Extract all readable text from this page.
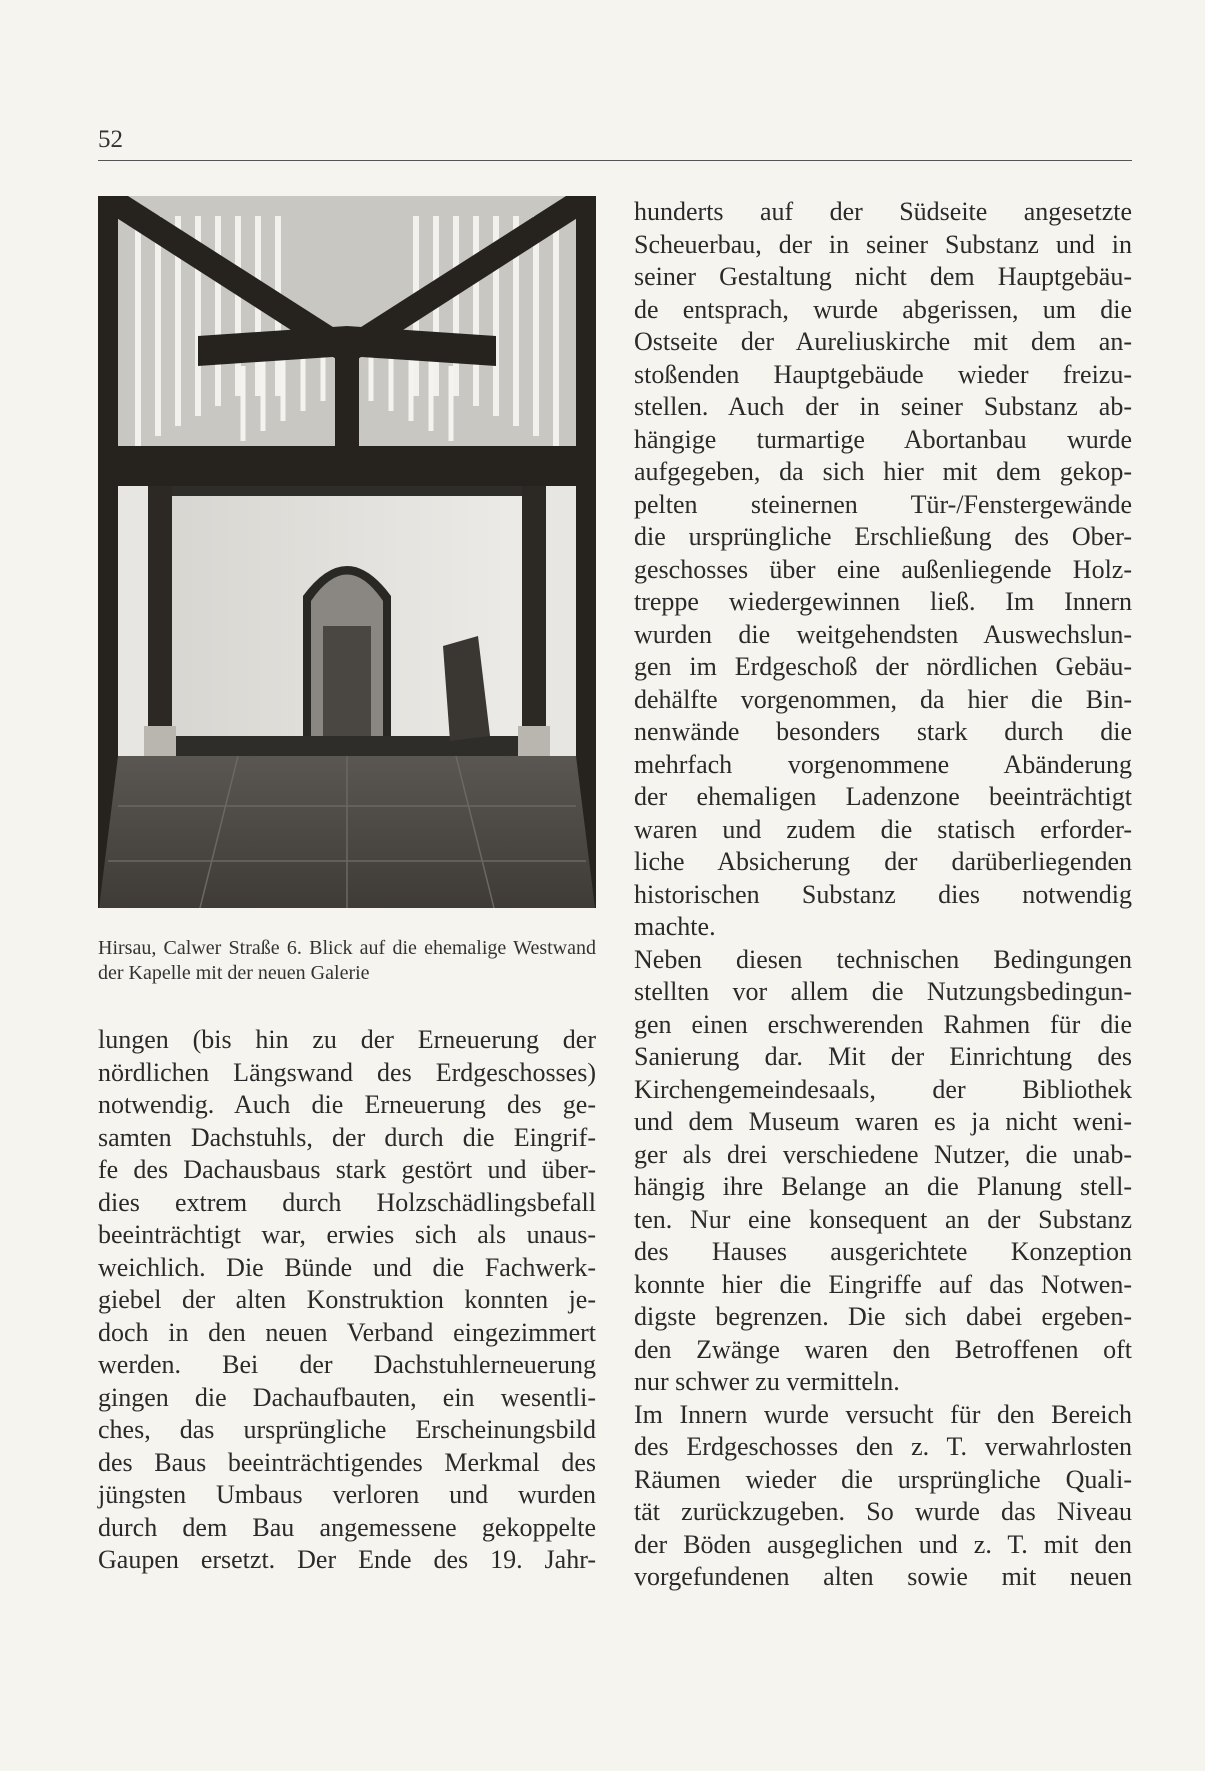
52
Hirsau, Calwer Straße 6. Blick auf die ehemalige Westwand der Kapelle mit der neuen Galerie

lungen (bis hin zu der Erneuerung der
nördlichen Längswand des Erdgeschosses)
notwendig. Auch die Erneuerung des ge-
samten Dachstuhls, der durch die Eingrif-
fe des Dachausbaus stark gestört und über-
dies extrem durch Holzschädlingsbefall
beeinträchtigt war, erwies sich als unaus-
weichlich. Die Bünde und die Fachwerk-
giebel der alten Konstruktion konnten je-
doch in den neuen Verband eingezimmert
werden. Bei der Dachstuhlerneuerung
gingen die Dachaufbauten, ein wesentli-
ches, das ursprüngliche Erscheinungsbild
des Baus beeinträchtigendes Merkmal des
jüngsten Umbaus verloren und wurden
durch dem Bau angemessene gekoppelte
Gaupen ersetzt. Der Ende des 19. Jahr-

hunderts auf der Südseite angesetzte
Scheuerbau, der in seiner Substanz und in
seiner Gestaltung nicht dem Hauptgebäu-
de entsprach, wurde abgerissen, um die
Ostseite der Aureliuskirche mit dem an-
stoßenden Hauptgebäude wieder freizu-
stellen. Auch der in seiner Substanz ab-
hängige turmartige Abortanbau wurde
aufgegeben, da sich hier mit dem gekop-
pelten steinernen Tür-/Fenstergewände
die ursprüngliche Erschließung des Ober-
geschosses über eine außenliegende Holz-
treppe wiedergewinnen ließ. Im Innern
wurden die weitgehendsten Auswechslun-
gen im Erdgeschoß der nördlichen Gebäu-
dehälfte vorgenommen, da hier die Bin-
nenwände besonders stark durch die
mehrfach vorgenommene Abänderung
der ehemaligen Ladenzone beeinträchtigt
waren und zudem die statisch erforder-
liche Absicherung der darüberliegenden
historischen Substanz dies notwendig
machte.
Neben diesen technischen Bedingungen
stellten vor allem die Nutzungsbedingun-
gen einen erschwerenden Rahmen für die
Sanierung dar. Mit der Einrichtung des
Kirchengemeindesaals, der Bibliothek
und dem Museum waren es ja nicht weni-
ger als drei verschiedene Nutzer, die unab-
hängig ihre Belange an die Planung stell-
ten. Nur eine konsequent an der Substanz
des Hauses ausgerichtete Konzeption
konnte hier die Eingriffe auf das Notwen-
digste begrenzen. Die sich dabei ergeben-
den Zwänge waren den Betroffenen oft
nur schwer zu vermitteln.
Im Innern wurde versucht für den Bereich
des Erdgeschosses den z. T. verwahrlosten
Räumen wieder die ursprüngliche Quali-
tät zurückzugeben. So wurde das Niveau
der Böden ausgeglichen und z. T. mit den
vorgefundenen alten sowie mit neuen
